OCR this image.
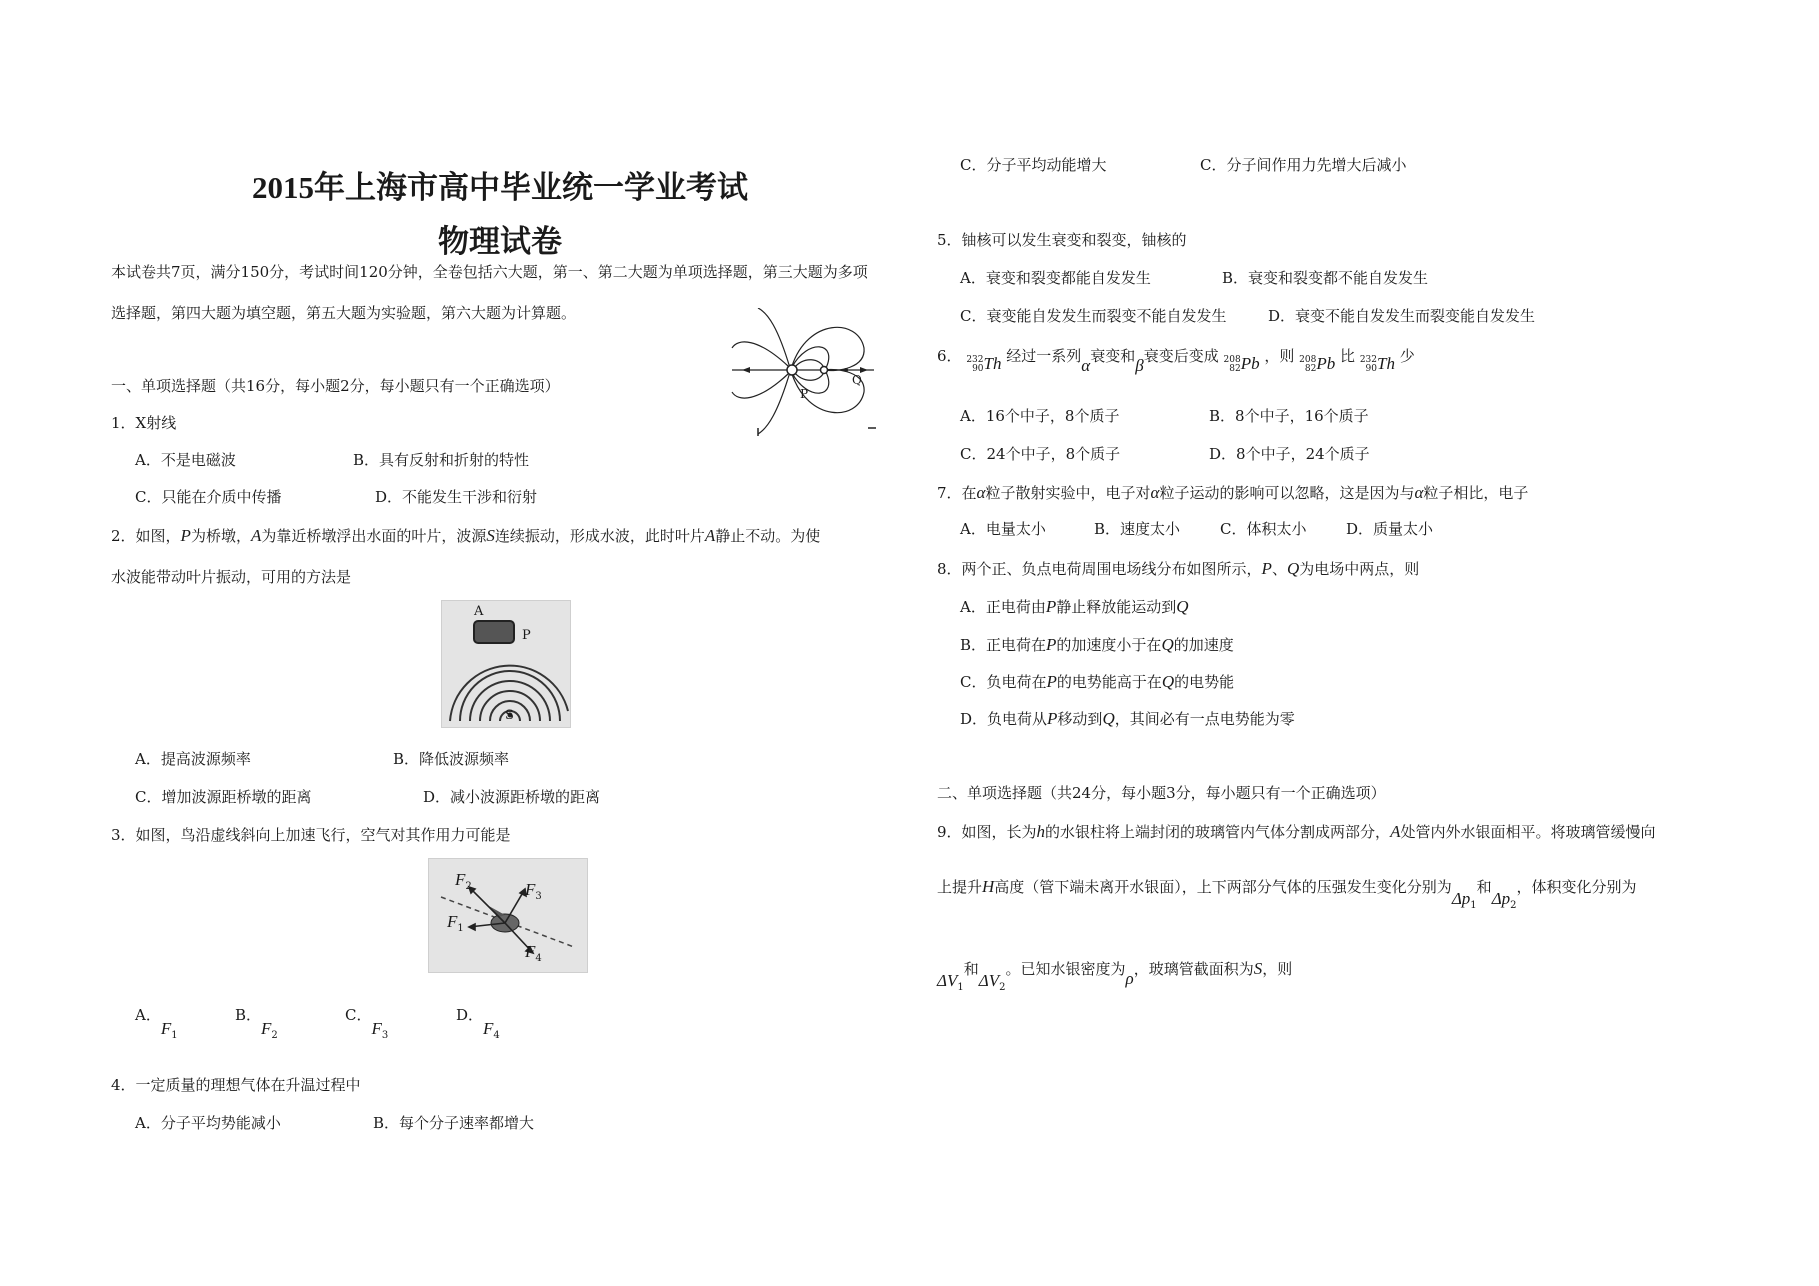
2015年上海市高中毕业统一学业考试
物理试卷
本试卷共7页，满分150分，考试时间120分钟，全卷包括六大题，第一、第二大题为单项选择题，第三大题为多项
选择题，第四大题为填空题，第五大题为实验题，第六大题为计算题。
一、单项选择题（共16分，每小题2分，每小题只有一个正确选项）
1．X射线
A．不是电磁波	B．具有反射和折射的特性
C．只能在介质中传播	D．不能发生干涉和衍射
2．如图，P为桥墩，A为靠近桥墩浮出水面的叶片，波源S连续振动，形成水波，此时叶片A静止不动。为使
水波能带动叶片振动，可用的方法是
A
P
S
A．提高波源频率	B．降低波源频率
C．增加波源距桥墩的距离	D．减小波源距桥墩的距离
3．如图，鸟沿虚线斜向上加速飞行，空气对其作用力可能是
$F_2$	$F_3$
$F_1$
$F_4$
A．$F_1$
B．$F_2$
C．$F_3$
D．$F_4$
4．一定质量的理想气体在升温过程中
A．分子平均势能减小	B．每个分子速率都增大
P
Q
C．分子平均动能增大	C．分子间作用力先增大后减小
5．铀核可以发生衰变和裂变，铀核的
A．衰变和裂变都能自发发生	B．衰变和裂变都不能自发发生
C．衰变能自发发生而裂变不能自发发生	D．衰变不能自发发生而裂变能自发发生
6． 232
90Th 经过一系列α衰变和β衰变后变成 208
82Pb ，则 208
82Pb 比 232
90Th 少
A．16个中子，8个质子	B．8个中子，16个质子
C．24个中子，8个质子	D．8个中子，24个质子
7．在α粒子散射实验中，电子对α粒子运动的影响可以忽略，这是因为与α粒子相比，电子
A．电量太小	B．速度太小	C．体积太小	D．质量太小
8．两个正、负点电荷周围电场线分布如图所示，P、Q为电场中两点，则
A．正电荷由P静止释放能运动到Q
B．正电荷在P的加速度小于在Q的加速度
C．负电荷在P的电势能高于在Q的电势能
D．负电荷从P移动到Q，其间必有一点电势能为零
二、单项选择题（共24分，每小题3分，每小题只有一个正确选项）
9．如图，长为h的水银柱将上端封闭的玻璃管内气体分割成两部分，A处管内外水银面相平。将玻璃管缓慢向
上提升H高度（管下端未离开水银面），上下两部分气体的压强发生变化分别为$\Delta p_1$和$\Delta p_2$，体积变化分别为
$\Delta V_1$和$\Delta V_2$。已知水银密度为ρ，玻璃管截面积为S，则
